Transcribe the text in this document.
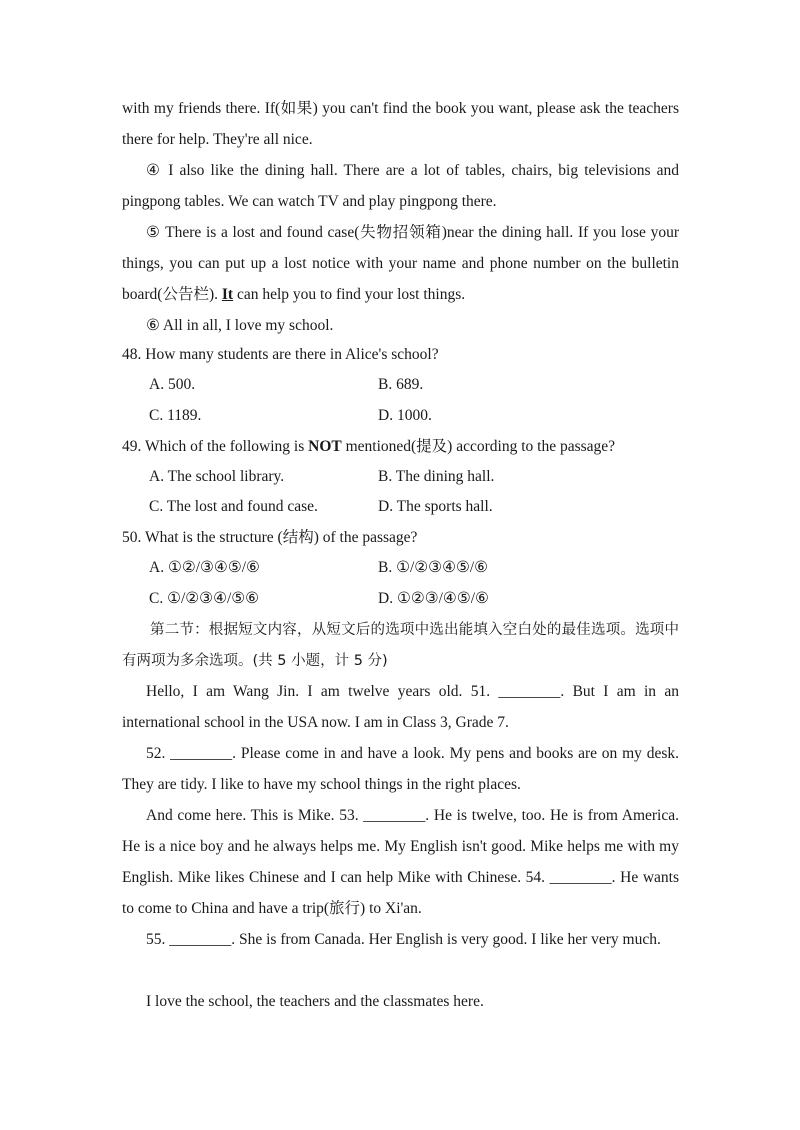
with my friends there. If(如果) you can't find the book you want, please ask the teachers there for help. They're all nice.

④ I also like the dining hall. There are a lot of tables, chairs, big televisions and pingpong tables. We can watch TV and play pingpong there.

⑤ There is a lost and found case(失物招领箱)near the dining hall. If you lose your things, you can put up a lost notice with your name and phone number on the bulletin board(公告栏). It can help you to find your lost things.

⑥ All in all, I love my school.

48. How many students are there in Alice's school?
A. 500.	B. 689.
C. 1189.	D. 1000.
49. Which of the following is NOT mentioned(提及) according to the passage?
A. The school library.	B. The dining hall.
C. The lost and found case.	D. The sports hall.
50. What is the structure (结构) of the passage?
A. ①②/③④⑤/⑥	B. ①/②③④⑤/⑥
C. ①/②③④/⑤⑥	D. ①②③/④⑤/⑥

第二节：根据短文内容，从短文后的选项中选出能填入空白处的最佳选项。选项中有两项为多余选项。(共 5 小题，计 5 分)

Hello, I am Wang Jin. I am twelve years old. 51. ________. But I am in an international school in the USA now. I am in Class 3, Grade 7.

52. ________. Please come in and have a look. My pens and books are on my desk. They are tidy. I like to have my school things in the right places.

And come here. This is Mike. 53. ________. He is twelve, too. He is from America. He is a nice boy and he always helps me. My English isn't good. Mike helps me with my English. Mike likes Chinese and I can help Mike with Chinese. 54. ________. He wants to come to China and have a trip(旅行) to Xi'an.

55. ________. She is from Canada. Her English is very good. I like her very much.

I love the school, the teachers and the classmates here.
